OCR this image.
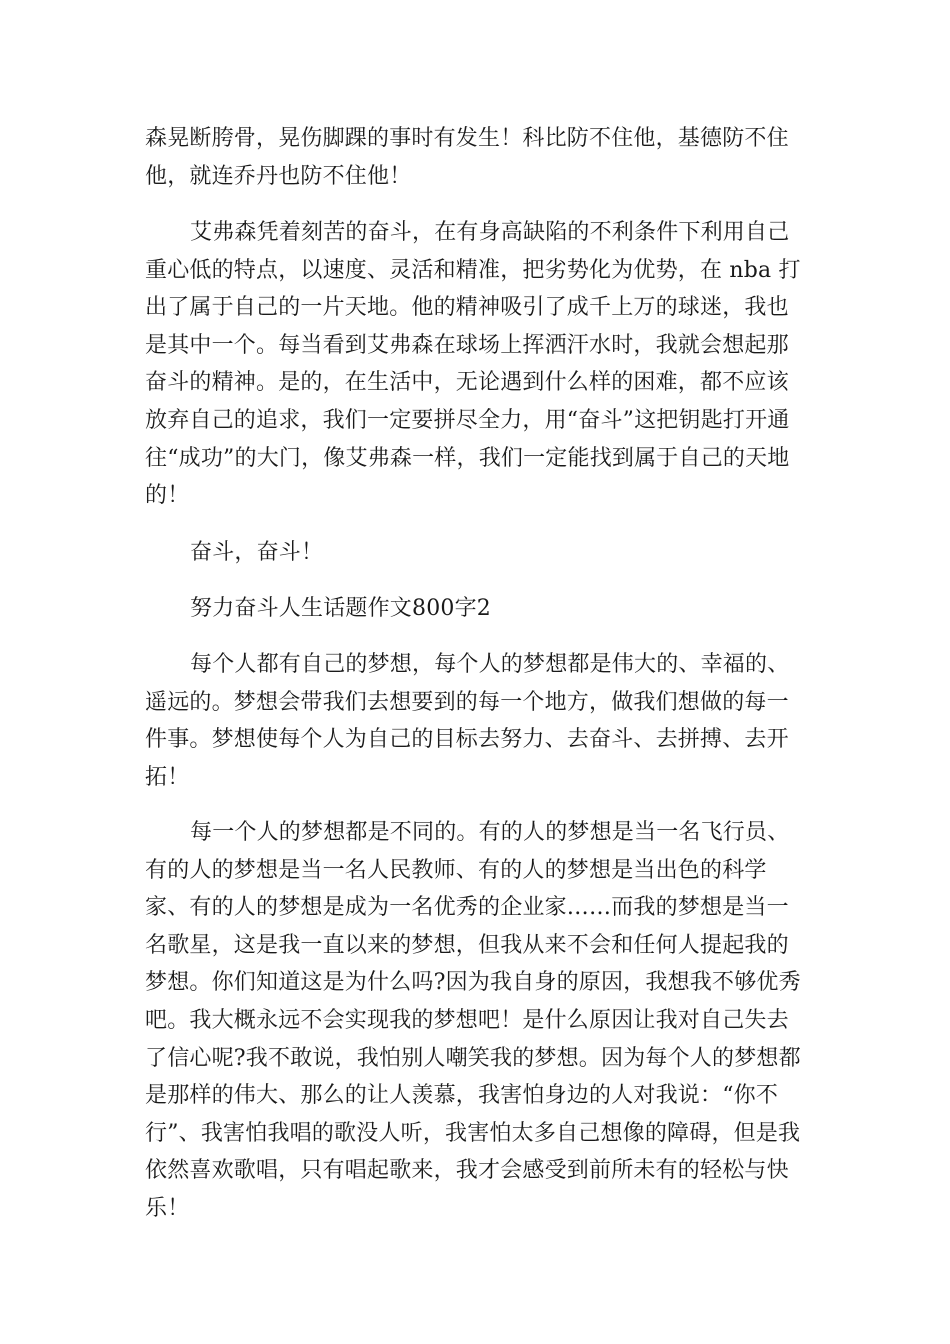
森晃断胯骨，晃伤脚踝的事时有发生！科比防不住他，基德防不住他，就连乔丹也防不住他！

艾弗森凭着刻苦的奋斗，在有身高缺陷的不利条件下利用自己重心低的特点，以速度、灵活和精准，把劣势化为优势，在 nba 打出了属于自己的一片天地。他的精神吸引了成千上万的球迷，我也是其中一个。每当看到艾弗森在球场上挥洒汗水时，我就会想起那奋斗的精神。是的，在生活中，无论遇到什么样的困难，都不应该放弃自己的追求，我们一定要拼尽全力，用“奋斗”这把钥匙打开通往“成功”的大门，像艾弗森一样，我们一定能找到属于自己的天地的！

奋斗，奋斗！

努力奋斗人生话题作文800字2

每个人都有自己的梦想，每个人的梦想都是伟大的、幸福的、遥远的。梦想会带我们去想要到的每一个地方，做我们想做的每一件事。梦想使每个人为自己的目标去努力、去奋斗、去拼搏、去开拓！

每一个人的梦想都是不同的。有的人的梦想是当一名飞行员、有的人的梦想是当一名人民教师、有的人的梦想是当出色的科学家、有的人的梦想是成为一名优秀的企业家……而我的梦想是当一名歌星，这是我一直以来的梦想，但我从来不会和任何人提起我的梦想。你们知道这是为什么吗?因为我自身的原因，我想我不够优秀吧。我大概永远不会实现我的梦想吧！是什么原因让我对自己失去了信心呢?我不敢说，我怕别人嘲笑我的梦想。因为每个人的梦想都是那样的伟大、那么的让人羡慕，我害怕身边的人对我说：“你不行”、我害怕我唱的歌没人听，我害怕太多自己想像的障碍，但是我依然喜欢歌唱，只有唱起歌来，我才会感受到前所未有的轻松与快乐！
